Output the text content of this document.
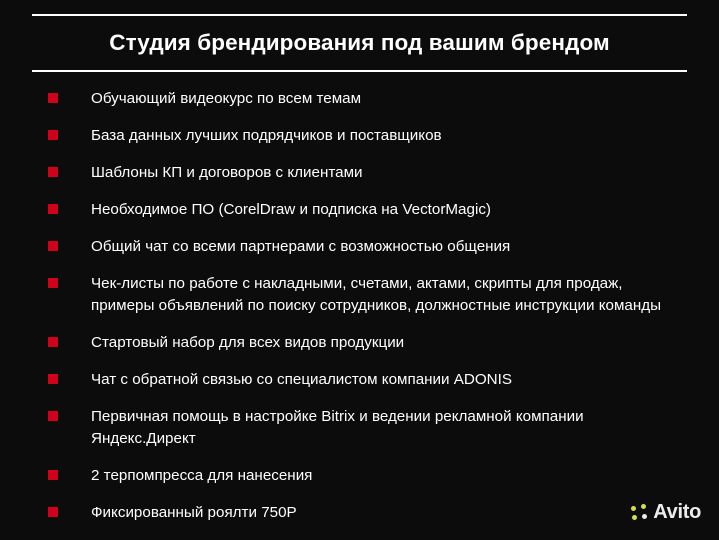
Студия брендирования под вашим брендом
Обучающий видеокурс по всем темам
База данных лучших подрядчиков и поставщиков
Шаблоны КП и договоров с клиентами
Необходимое ПО (CorelDraw и подписка на VectorMagic)
Общий чат со всеми партнерами с возможностью общения
Чек-листы по работе с накладными, счетами, актами, скрипты для продаж, примеры объявлений по поиску сотрудников, должностные инструкции команды
Стартовый набор для всех видов продукции
Чат с обратной связью со специалистом компании ADONIS
Первичная помощь в настройке Bitrix и ведении рекламной компании Яндекс.Директ
2 терпомпресса для нанесения
Фиксированный роялти 750Р	Avito
